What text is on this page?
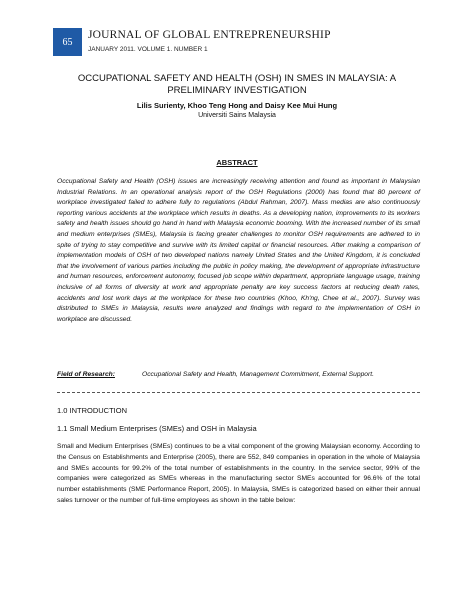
65
JOURNAL OF GLOBAL ENTREPRENEURSHIP
JANUARY 2011. VOLUME 1. NUMBER 1
OCCUPATIONAL SAFETY AND HEALTH (OSH) IN SMES IN MALAYSIA: A PRELIMINARY INVESTIGATION
Lilis Surienty, Khoo Teng Hong and Daisy Kee Mui Hung
Universiti Sains Malaysia
ABSTRACT
Occupational Safety and Health (OSH) issues are increasingly receiving attention and found as important in Malaysian Industrial Relations. In an operational analysis report of the OSH Regulations (2000) has found that 80 percent of workplace investigated failed to adhere fully to regulations (Abdul Rahman, 2007). Mass medias are also continuously reporting various accidents at the workplace which results in deaths. As a developing nation, improvements to its workers safety and health issues should go hand in hand with Malaysia economic booming. With the increased number of its small and medium enterprises (SMEs), Malaysia is facing greater challenges to monitor OSH requirements are adhered to in spite of trying to stay competitive and survive with its limited capital or financial resources. After making a comparison of implementation models of OSH of two developed nations namely United States and the United Kingdom, it is concluded that the involvement of various parties including the public in policy making, the development of appropriate infrastructure and human resources, enforcement autonomy, focused job scope within department, appropriate language usage, training inclusive of all forms of diversity at work and appropriate penalty are key success factors at reducing death rates, accidents and lost work days at the workplace for these two countries (Khoo, Kh'ng, Chee et al., 2007). Survey was distributed to SMEs in Malaysia, results were analyzed and findings with regard to the implementation of OSH in workplace are discussed.
Field of Research:	Occupational Safety and Health, Management Commitment, External Support.
1.0 INTRODUCTION
1.1 Small Medium Enterprises (SMEs) and OSH in Malaysia
Small and Medium Enterprises (SMEs) continues to be a vital component of the growing Malaysian economy. According to the Census on Establishments and Enterprise (2005), there are 552, 849 companies in operation in the whole of Malaysia and SMEs accounts for 99.2% of the total number of establishments in the country. In the service sector, 99% of the companies were categorized as SMEs whereas in the manufacturing sector SMEs accounted for 96.6% of the total number establishments (SME Performance Report, 2005). In Malaysia, SMEs is categorized based on either their annual sales turnover or the number of full-time employees as shown in the table below:
